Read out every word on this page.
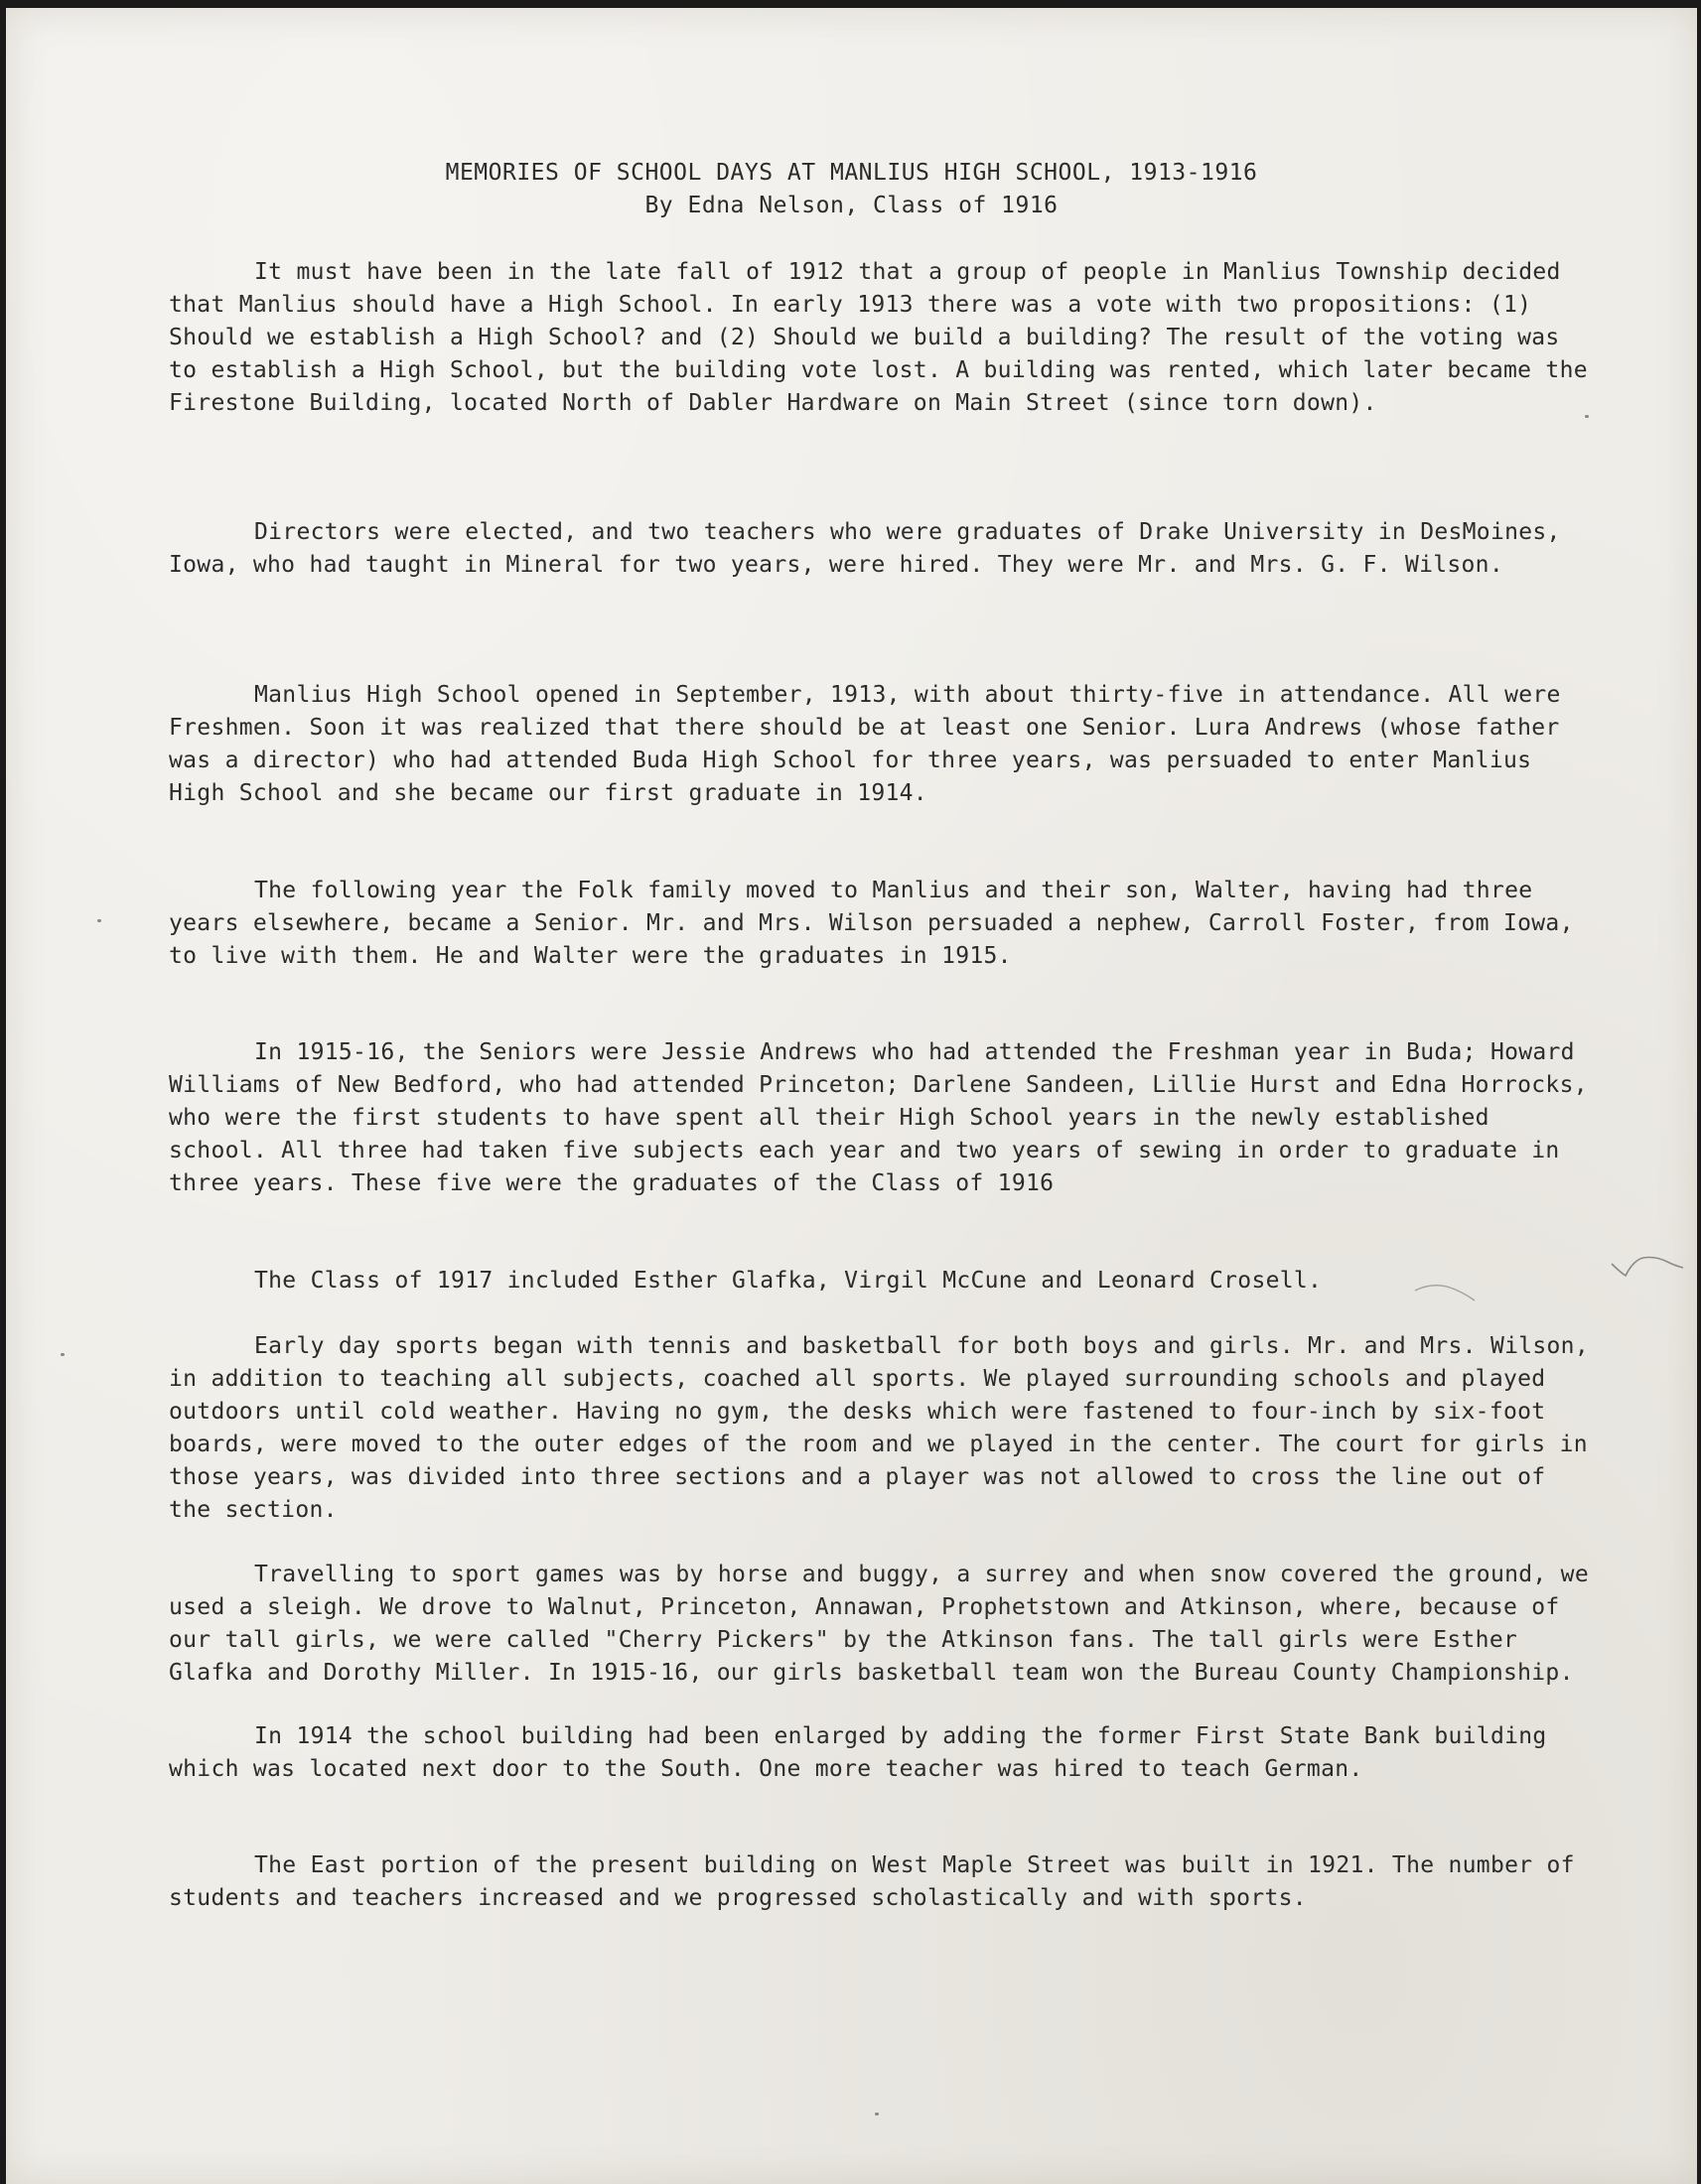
MEMORIES OF SCHOOL DAYS AT MANLIUS HIGH SCHOOL, 1913-1916
By Edna Nelson, Class of 1916

It must have been in the late fall of 1912 that a group of people in Manlius Township decided that Manlius should have a High School. In early 1913 there was a vote with two propositions: (1) Should we establish a High School? and (2) Should we build a building? The result of the voting was to establish a High School, but the building vote lost. A building was rented, which later became the Firestone Building, located North of Dabler Hardware on Main Street (since torn down).

Directors were elected, and two teachers who were graduates of Drake University in DesMoines, Iowa, who had taught in Mineral for two years, were hired. They were Mr. and Mrs. G. F. Wilson.

Manlius High School opened in September, 1913, with about thirty-five in attendance. All were Freshmen. Soon it was realized that there should be at least one Senior. Lura Andrews (whose father was a director) who had attended Buda High School for three years, was persuaded to enter Manlius High School and she became our first graduate in 1914.

The following year the Folk family moved to Manlius and their son, Walter, having had three years elsewhere, became a Senior. Mr. and Mrs. Wilson persuaded a nephew, Carroll Foster, from Iowa, to live with them. He and Walter were the graduates in 1915.

In 1915-16, the Seniors were Jessie Andrews who had attended the Freshman year in Buda; Howard Williams of New Bedford, who had attended Princeton; Darlene Sandeen, Lillie Hurst and Edna Horrocks, who were the first students to have spent all their High School years in the newly established school. All three had taken five subjects each year and two years of sewing in order to graduate in three years. These five were the graduates of the Class of 1916

The Class of 1917 included Esther Glafka, Virgil McCune and Leonard Crosell.

Early day sports began with tennis and basketball for both boys and girls. Mr. and Mrs. Wilson, in addition to teaching all subjects, coached all sports. We played surrounding schools and played outdoors until cold weather. Having no gym, the desks which were fastened to four-inch by six-foot boards, were moved to the outer edges of the room and we played in the center. The court for girls in those years, was divided into three sections and a player was not allowed to cross the line out of the section.

Travelling to sport games was by horse and buggy, a surrey and when snow covered the ground, we used a sleigh. We drove to Walnut, Princeton, Annawan, Prophetstown and Atkinson, where, because of our tall girls, we were called "Cherry Pickers" by the Atkinson fans. The tall girls were Esther Glafka and Dorothy Miller. In 1915-16, our girls basketball team won the Bureau County Championship.

In 1914 the school building had been enlarged by adding the former First State Bank building which was located next door to the South. One more teacher was hired to teach German.

The East portion of the present building on West Maple Street was built in 1921. The number of students and teachers increased and we progressed scholastically and with sports.
